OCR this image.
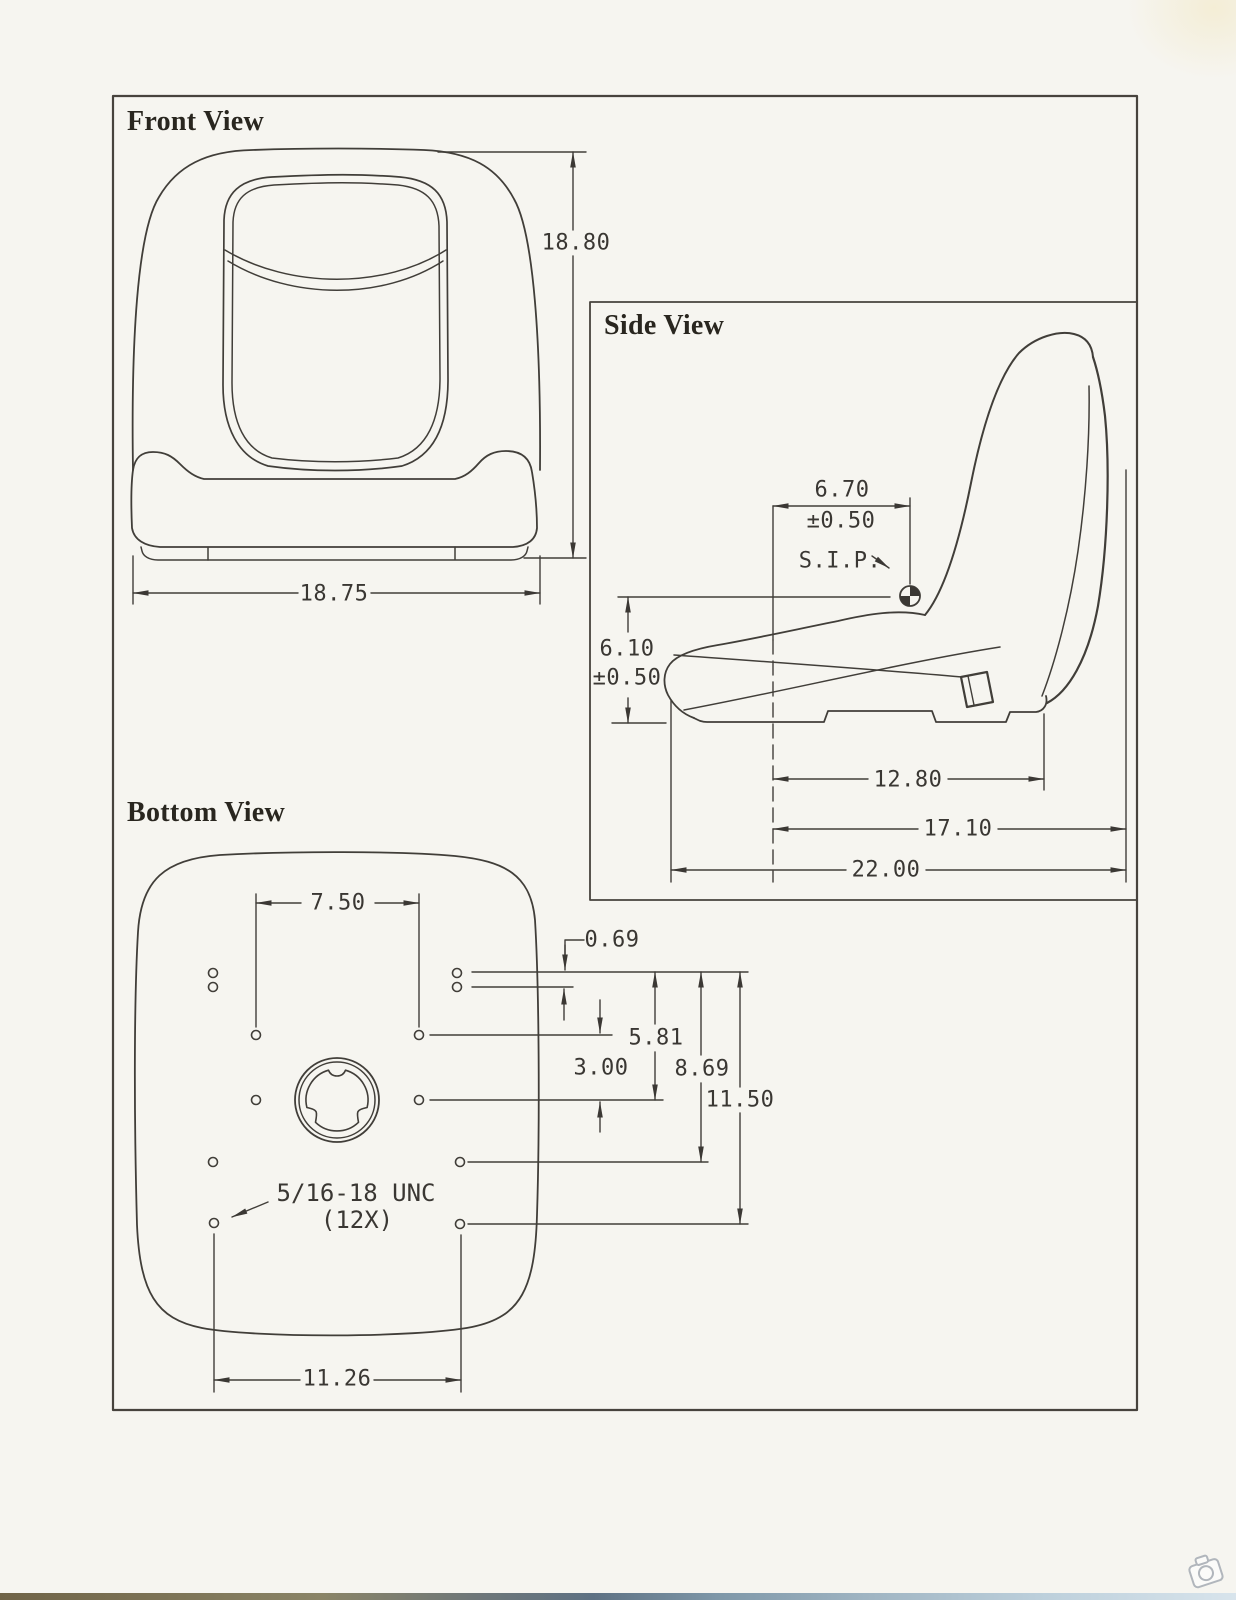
Front View
Side View
Bottom View
18.80
18.75
6.70
±0.50
S.I.P.
6.10
±0.50
12.80
17.10
22.00
7.50
0.69
5.81
3.00 8.69
11.50
5/16-18 UNC
(12X)
11.26
